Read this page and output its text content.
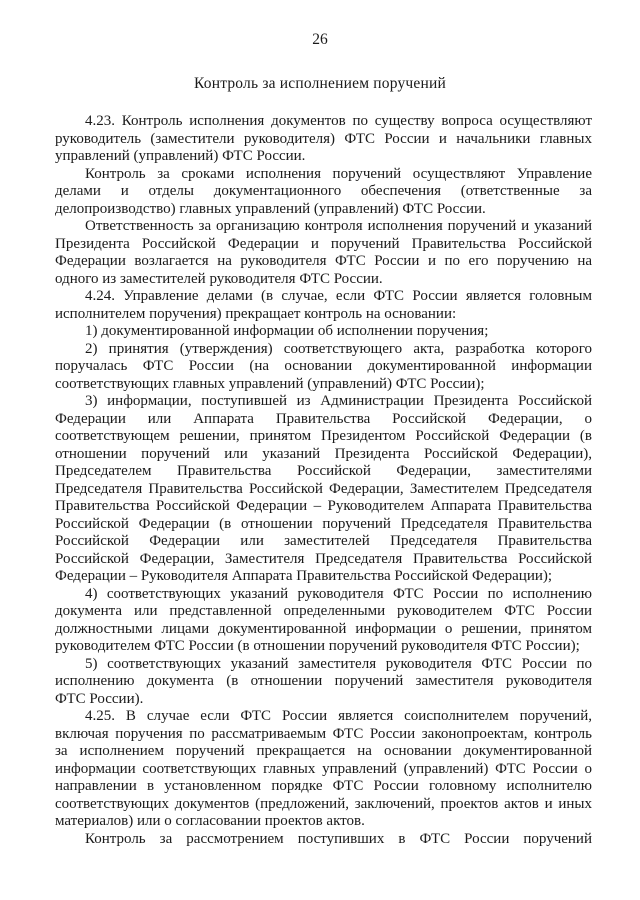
26
Контроль за исполнением поручений
4.23. Контроль исполнения документов по существу вопроса осуществляют
руководитель (заместители руководителя) ФТС России и начальники главных
управлений (управлений) ФТС России.
Контроль за сроками исполнения поручений осуществляют Управление
делами и отделы документационного обеспечения (ответственные за
делопроизводство) главных управлений (управлений) ФТС России.
Ответственность за организацию контроля исполнения поручений и указаний
Президента Российской Федерации и поручений Правительства Российской
Федерации возлагается на руководителя ФТС России и по его поручению на
одного из заместителей руководителя ФТС России.
4.24. Управление делами (в случае, если ФТС России является головным
исполнителем поручения) прекращает контроль на основании:
1) документированной информации об исполнении поручения;
2) принятия (утверждения) соответствующего акта, разработка которого
поручалась ФТС России (на основании документированной информации
соответствующих главных управлений (управлений) ФТС России);
3) информации, поступившей из Администрации Президента Российской
Федерации или Аппарата Правительства Российской Федерации, о
соответствующем решении, принятом Президентом Российской Федерации (в
отношении поручений или указаний Президента Российской Федерации),
Председателем Правительства Российской Федерации, заместителями
Председателя Правительства Российской Федерации, Заместителем Председателя
Правительства Российской Федерации – Руководителем Аппарата Правительства
Российской Федерации (в отношении поручений Председателя Правительства
Российской Федерации или заместителей Председателя Правительства
Российской Федерации, Заместителя Председателя Правительства Российской
Федерации – Руководителя Аппарата Правительства Российской Федерации);
4) соответствующих указаний руководителя ФТС России по исполнению
документа или представленной определенными руководителем ФТС России
должностными лицами документированной информации о решении, принятом
руководителем ФТС России (в отношении поручений руководителя ФТС России);
5) соответствующих указаний заместителя руководителя ФТС России по
исполнению документа (в отношении поручений заместителя руководителя
ФТС России).
4.25. В случае если ФТС России является соисполнителем поручений,
включая поручения по рассматриваемым ФТС России законопроектам, контроль
за исполнением поручений прекращается на основании документированной
информации соответствующих главных управлений (управлений) ФТС России о
направлении в установленном порядке ФТС России головному исполнителю
соответствующих документов (предложений, заключений, проектов актов и иных
материалов) или о согласовании проектов актов.
Контроль за рассмотрением поступивших в ФТС России поручений
